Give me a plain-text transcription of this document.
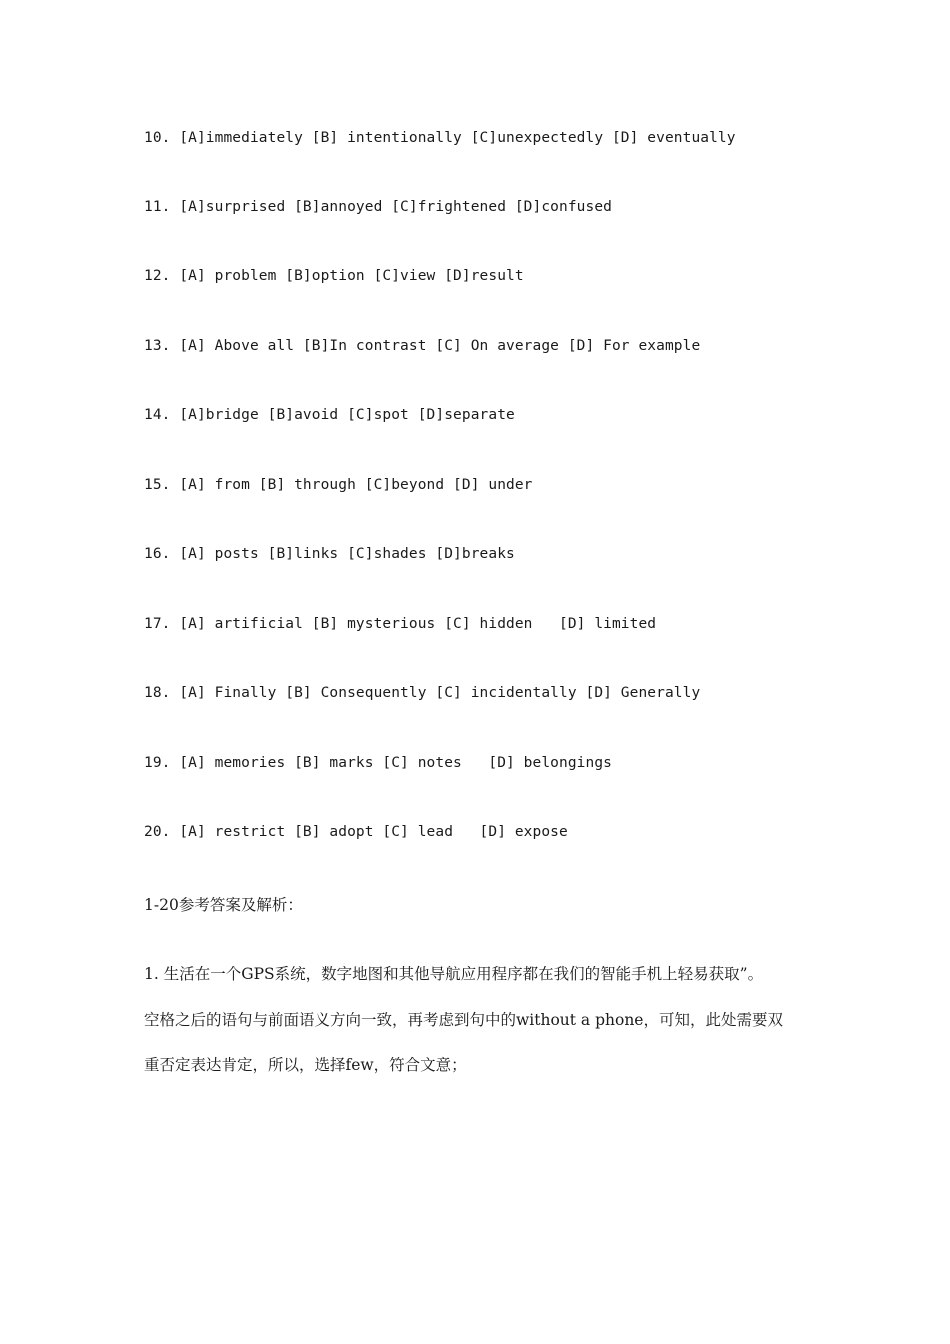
10. [A]immediately [B] intentionally [C]unexpectedly [D] eventually
11. [A]surprised [B]annoyed [C]frightened [D]confused
12. [A] problem [B]option [C]view [D]result
13. [A] Above all [B]In contrast [C] On average [D] For example
14. [A]bridge [B]avoid [C]spot [D]separate
15. [A] from [B] through [C]beyond [D] under
16. [A] posts [B]links [C]shades [D]breaks
17. [A] artificial [B] mysterious [C] hidden   [D] limited
18. [A] Finally [B] Consequently [C] incidentally [D] Generally
19. [A] memories [B] marks [C] notes   [D] belongings
20. [A] restrict [B] adopt [C] lead   [D] expose
1-20参考答案及解析：
1. 生活在一个GPS系统，数字地图和其他导航应用程序都在我们的智能手机上轻易获取”。
空格之后的语句与前面语义方向一致，再考虑到句中的without a phone，可知，此处需要双
重否定表达肯定，所以，选择few，符合文意；
